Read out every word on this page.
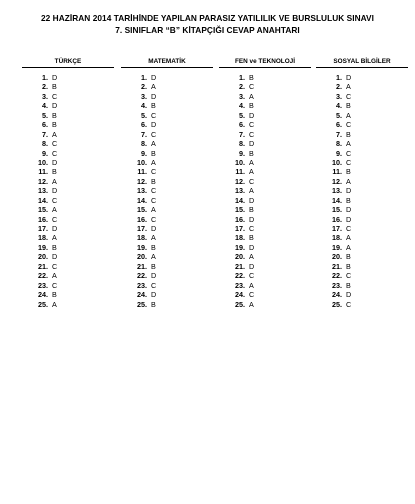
22 HAZİRAN 2014 TARİHİNDE YAPILAN PARASIZ YATILILIK VE BURSLULUK SINAVI
7. SINIFLAR “B” KİTAPÇIĞI CEVAP ANAHTARI
TÜRKÇE
1. D
2. B
3. C
4. D
5. B
6. B
7. A
8. C
9. C
10. D
11. B
12. A
13. D
14. C
15. A
16. C
17. D
18. A
19. B
20. D
21. C
22. A
23. C
24. B
25. A
MATEMATİK
1. D
2. A
3. D
4. B
5. C
6. D
7. C
8. A
9. B
10. A
11. C
12. B
13. C
14. C
15. A
16. C
17. D
18. A
19. B
20. A
21. B
22. D
23. C
24. D
25. B
FEN ve TEKNOLOJİ
1. B
2. C
3. A
4. B
5. D
6. C
7. C
8. D
9. B
10. A
11. A
12. C
13. A
14. D
15. B
16. D
17. C
18. B
19. D
20. A
21. D
22. C
23. A
24. C
25. A
SOSYAL BİLGİLER
1. D
2. A
3. C
4. B
5. A
6. C
7. B
8. A
9. C
10. C
11. B
12. A
13. D
14. B
15. D
16. D
17. C
18. A
19. A
20. B
21. B
22. C
23. B
24. D
25. C
